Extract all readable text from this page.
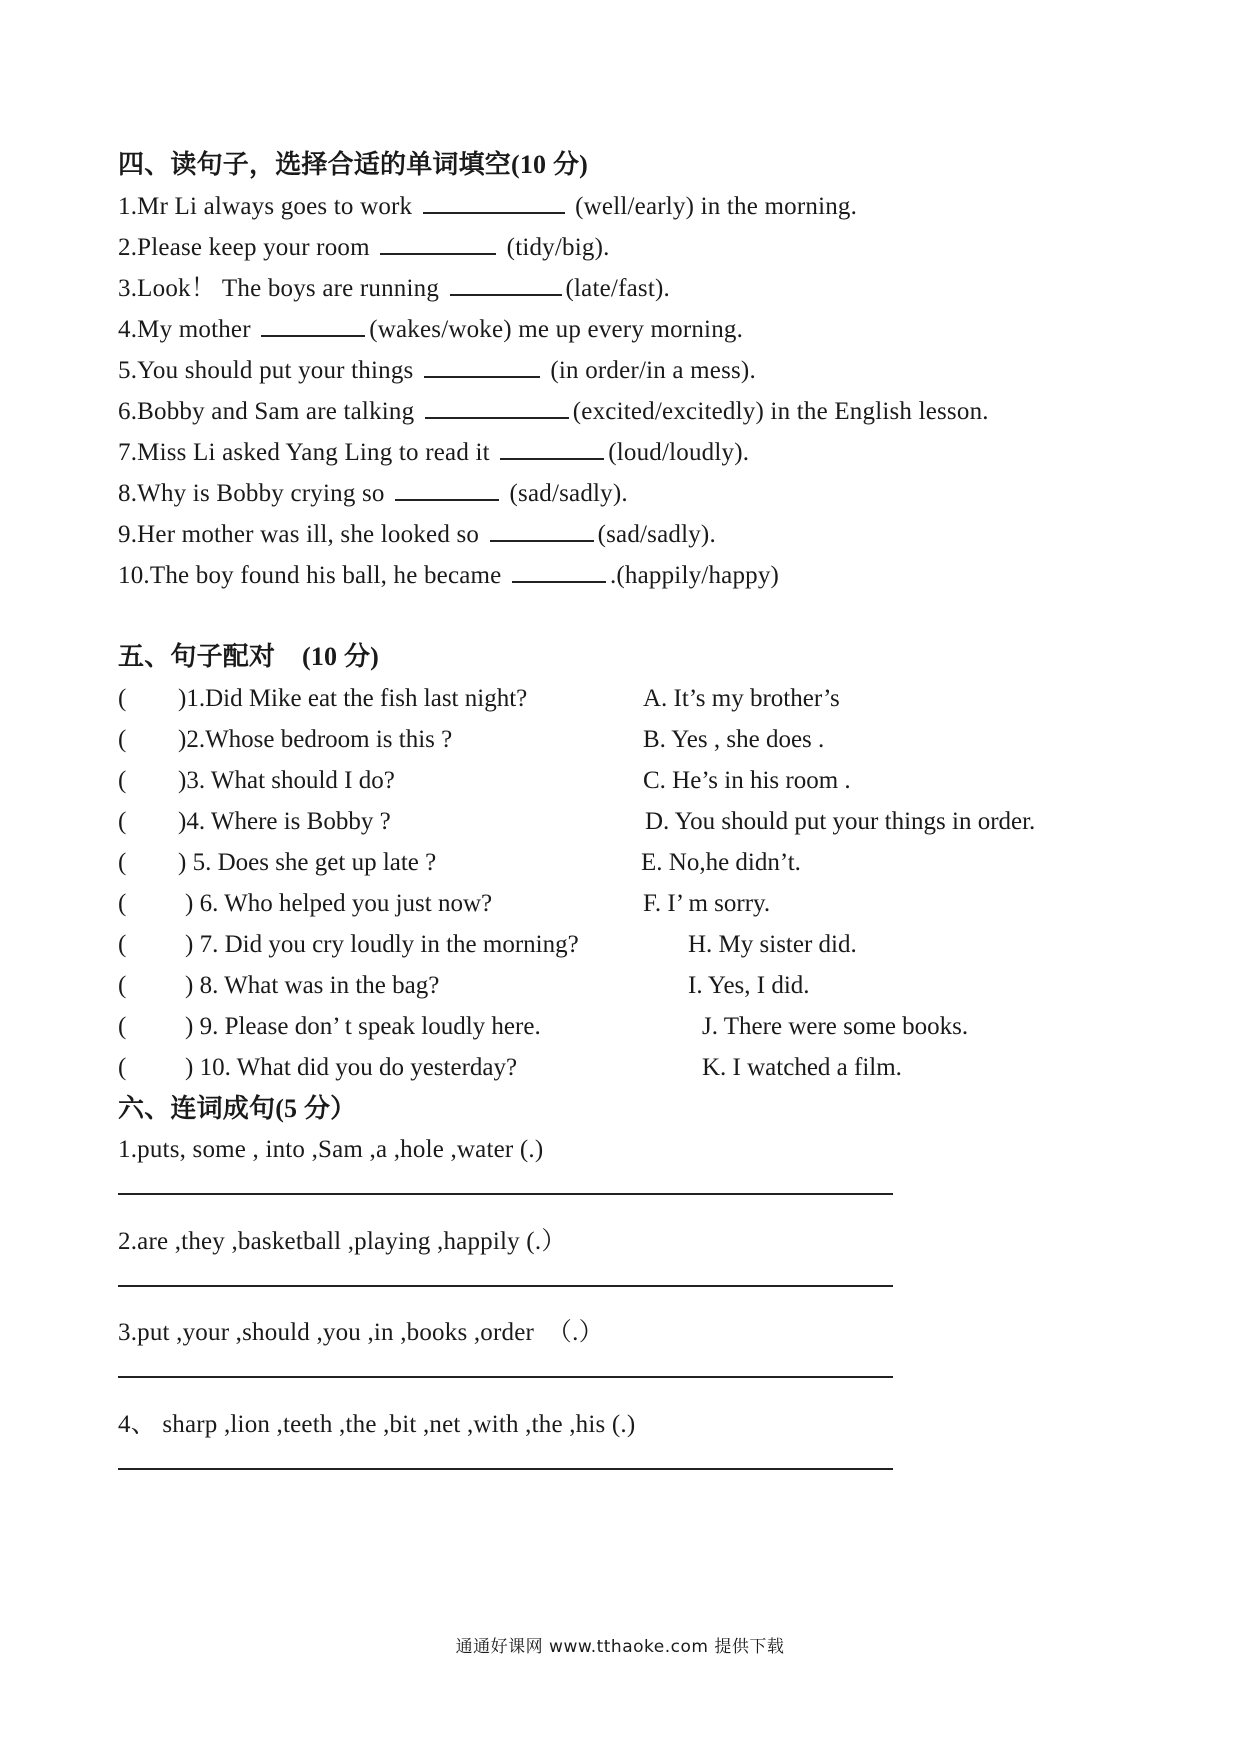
四、读句子，选择合适的单词填空(10 分)
1.Mr Li always goes to work	(well/early) in the morning.
2.Please keep your room	(tidy/big).
3.Look！ The boys are running	(late/fast).
4.My mother	(wakes/woke) me up every morning.
5.You should put your things	(in order/in a mess).
6.Bobby and Sam are talking	(excited/excitedly) in the English lesson.
7.Miss Li asked Yang Ling to read it	(loud/loudly).
8.Why is Bobby crying so	(sad/sadly).
9.Her mother was ill, she looked so	(sad/sadly).
10.The boy found his ball, he became	.(happily/happy)
五、句子配对    (10 分)
( )1.Did Mike eat the fish last night?	A. It’s my brother’s
( )2.Whose bedroom is this ?	B. Yes , she does .
( )3. What should I do?	C. He’s in his room .
( )4. Where is Bobby ?	D. You should put your things in order.
( ) 5. Does she get up late ?	E. No,he didn’t.
( ) 6. Who helped you just now?	F. I’ m sorry.
( ) 7. Did you cry loudly in the morning?	H. My sister did.
( ) 8. What was in the bag?	I. Yes, I did.
( ) 9. Please don’ t speak loudly here.	J. There were some books.
( ) 10. What did you do yesterday?	K. I watched a film.
六、连词成句(5 分）
1.puts, some , into ,Sam ,a ,hole ,water (.)
2.are ,they ,basketball ,playing ,happily (.）
3.put ,your ,should ,you ,in ,books ,order  （.）
4、 sharp ,lion ,teeth ,the ,bit ,net ,with ,the ,his (.)
通通好课网 www.tthaoke.com 提供下载
